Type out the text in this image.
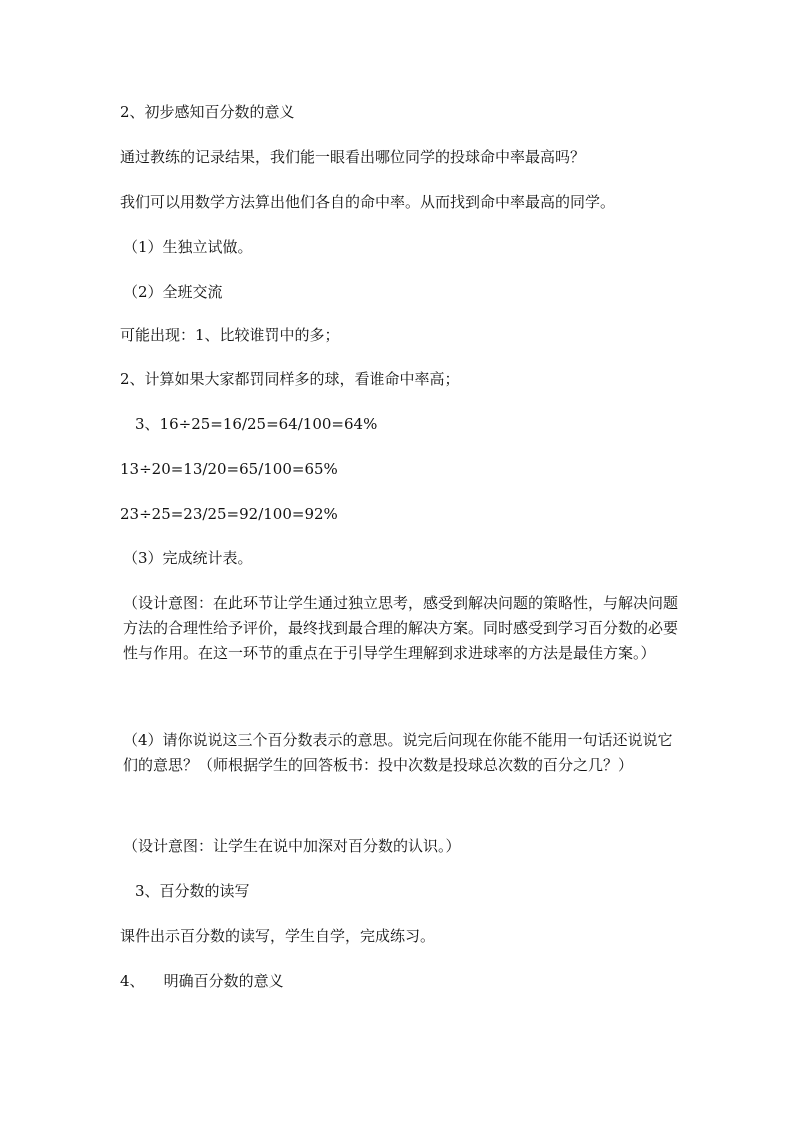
2、初步感知百分数的意义

通过教练的记录结果，我们能一眼看出哪位同学的投球命中率最高吗？

我们可以用数学方法算出他们各自的命中率。从而找到命中率最高的同学。

（1）生独立试做。

（2）全班交流

可能出现：1、比较谁罚中的多；

2、计算如果大家都罚同样多的球，看谁命中率高；

3、16÷25=16/25=64/100=64%

13÷20=13/20=65/100=65%

23÷25=23/25=92/100=92%

（3）完成统计表。

（设计意图：在此环节让学生通过独立思考，感受到解决问题的策略性，与解决问题方法的合理性给予评价，最终找到最合理的解决方案。同时感受到学习百分数的必要性与作用。在这一环节的重点在于引导学生理解到求进球率的方法是最佳方案。）

（4）请你说说这三个百分数表示的意思。说完后问现在你能不能用一句话还说说它们的意思？（师根据学生的回答板书：投中次数是投球总次数的百分之几？）

（设计意图：让学生在说中加深对百分数的认识。）

3、百分数的读写

课件出示百分数的读写，学生自学，完成练习。

4、    明确百分数的意义
